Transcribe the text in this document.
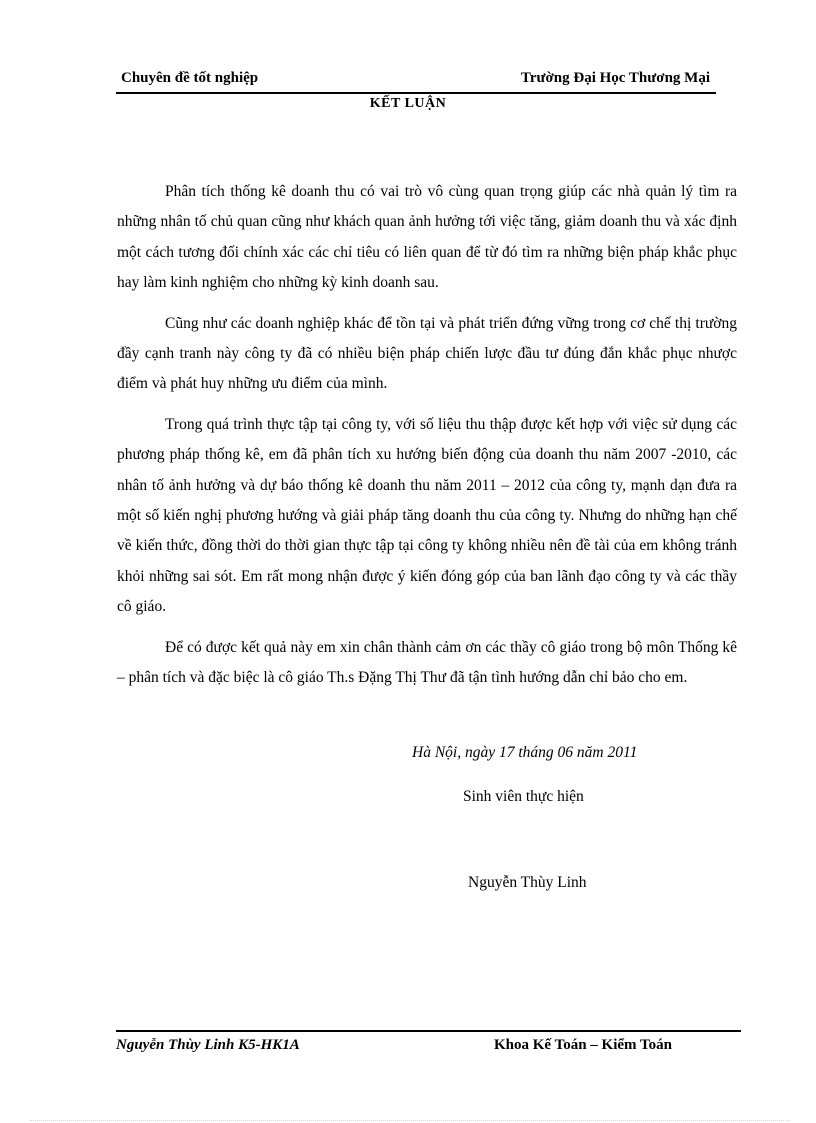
Chuyên đề tốt nghiệp	Trường Đại Học Thương Mại
KẾT LUẬN

Phân tích thống kê doanh thu có vai trò vô cùng quan trọng giúp các nhà quản lý tìm ra những nhân tố chủ quan cũng như khách quan ảnh hưởng tới việc tăng, giảm doanh thu và xác định một cách tương đối chính xác các chỉ tiêu có liên quan để từ đó tìm ra những biện pháp khắc phục hay làm kinh nghiệm cho những kỳ kinh doanh sau.

Cũng như các doanh nghiệp khác để tồn tại và phát triển đứng vững trong cơ chế thị trường đầy cạnh tranh này công ty đã có nhiều biện pháp chiến lược đầu tư đúng đắn khắc phục nhược điểm và phát huy những ưu điểm của mình.

Trong quá trình thực tập tại công ty, với số liệu thu thập được kết hợp với việc sử dụng các phương pháp thống kê, em đã phân tích xu hướng biến động của doanh thu năm 2007 -2010, các nhân tố ảnh hưởng và dự báo thống kê doanh thu năm 2011 – 2012 của công ty, mạnh dạn đưa ra một số kiến nghị phương hướng và giải pháp tăng doanh thu của công ty. Nhưng do những hạn chế về kiến thức, đồng thời do thời gian thực tập tại công ty không nhiều nên đề tài của em không tránh khỏi những sai sót. Em rất mong nhận được ý kiến đóng góp của ban lãnh đạo công ty và các thầy cô giáo.

Để có được kết quả này em xin chân thành cảm ơn các thầy cô giáo trong bộ môn Thống kê – phân tích và đặc biệc là cô giáo Th.s Đặng Thị Thư đã tận tình hướng dẫn chỉ bảo cho em.

Hà Nội, ngày 17 tháng 06 năm 2011
Sinh viên thực hiện
Nguyễn Thùy Linh
Nguyễn Thùy Linh K5-HK1A	Khoa Kế Toán – Kiểm Toán
